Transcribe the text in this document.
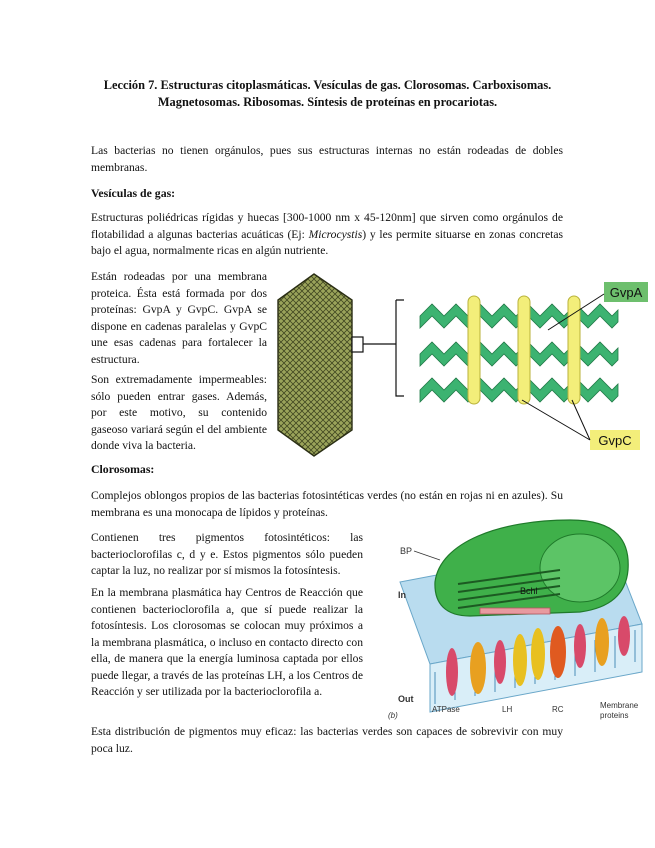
Lección 7. Estructuras citoplasmáticas. Vesículas de gas. Clorosomas. Carboxisomas.
Magnetosomas. Ribosomas. Síntesis de proteínas en procariotas.
Las bacterias no tienen orgánulos, pues sus estructuras internas no están rodeadas de dobles membranas.
Vesículas de gas:
Estructuras poliédricas rígidas y huecas [300-1000 nm x 45-120nm] que sirven como orgánulos de flotabilidad a algunas bacterias acuáticas (Ej: Microcystis) y les permite situarse en zonas concretas bajo el agua, normalmente ricas en algún nutriente.
Están rodeadas por una membrana proteica. Ésta está formada por dos proteínas: GvpA y GvpC. GvpA se dispone en cadenas paralelas y GvpC une esas cadenas para fortalecer la estructura.
Son extremadamente impermeables: sólo pueden entrar gases. Además, por este motivo, su contenido gaseoso variará según el del ambiente donde viva la bacteria.
GvpA
GvpC
Clorosomas:
Complejos oblongos propios de las bacterias fotosintéticas verdes (no están en rojas ni en azules). Su membrana es una monocapa de lípidos y proteínas.
Contienen tres pigmentos fotosintéticos: las bacterioclorofilas c, d y e. Estos pigmentos sólo pueden captar la luz, no realizar por sí mismos la fotosíntesis.
En la membrana plasmática hay Centros de Reacción que contienen bacterioclorofila a, que sí puede realizar la fotosíntesis. Los clorosomas se colocan muy próximos a la membrana plasmática, o incluso en contacto directo con ella, de manera que la energía luminosa captada por ellos puede llegar, a través de las proteínas LH, a los Centros de Reacción y ser utilizada por la bacterioclorofila a.
BP
Bchl
In
Out
(b)
ATPase	LH	RC	Membrane
proteins
Esta distribución de pigmentos muy eficaz: las bacterias verdes son capaces de sobrevivir con muy poca luz.
